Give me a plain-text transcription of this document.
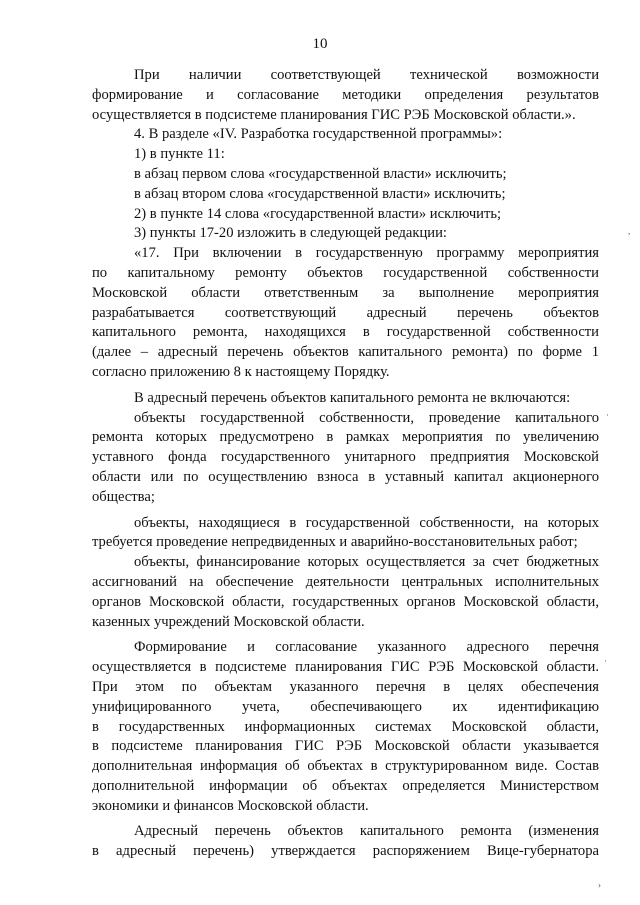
10

При наличии соответствующей технической возможности

формирование и согласование методики определения результатов

осуществляется в подсистеме планирования ГИС РЭБ Московской области.».

4. В разделе «IV. Разработка государственной программы»:

1) в пункте 11:

в абзац первом слова «государственной власти» исключить;

в абзац втором слова «государственной власти» исключить;

2) в пункте 14 слова «государственной власти» исключить;

3) пункты 17-20 изложить в следующей редакции:

«17. При включении в государственную программу мероприятия

по капитальному ремонту объектов государственной собственности

Московской области ответственным за выполнение мероприятия

разрабатывается соответствующий адресный перечень объектов

капитального ремонта, находящихся в государственной собственности

(далее – адресный перечень объектов капитального ремонта) по форме 1

согласно приложению 8 к настоящему Порядку.

В адресный перечень объектов капитального ремонта не включаются:

объекты государственной собственности, проведение капитального

ремонта которых предусмотрено в рамках мероприятия по увеличению

уставного фонда государственного унитарного предприятия Московской

области или по осуществлению взноса в уставный капитал акционерного

общества;

объекты, находящиеся в государственной собственности, на которых

требуется проведение непредвиденных и аварийно-восстановительных работ;

объекты, финансирование которых осуществляется за счет бюджетных

ассигнований на обеспечение деятельности центральных исполнительных

органов Московской области, государственных органов Московской области,

казенных учреждений Московской области.

Формирование и согласование указанного адресного перечня

осуществляется в подсистеме планирования ГИС РЭБ Московской области.

При этом по объектам указанного перечня в целях обеспечения

унифицированного учета, обеспечивающего их идентификацию

в государственных информационных системах Московской области,

в подсистеме планирования ГИС РЭБ Московской области указывается

дополнительная информация об объектах в структурированном виде. Состав

дополнительной информации об объектах определяется Министерством

экономики и финансов Московской области.

Адресный перечень объектов капитального ремонта (изменения

в адресный перечень) утверждается распоряжением Вице-губернатора

,
·
·
›
